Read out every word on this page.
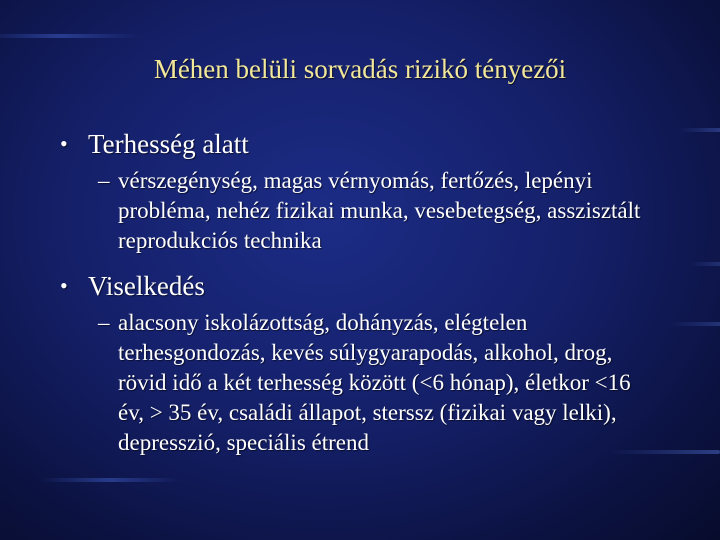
Méhen belüli sorvadás rizikó tényezői
• Terhesség alatt
– vérszegénység, magas vérnyomás, fertőzés, lepényi probléma, nehéz fizikai munka, vesebetegség, asszisztált reprodukciós technika
• Viselkedés
– alacsony iskolázottság, dohányzás, elégtelen terhesgondozás, kevés súlygyarapodás, alkohol, drog, rövid idő a két terhesség között (<6 hónap), életkor <16 év, > 35 év, családi állapot, sterssz (fizikai vagy lelki), depresszió, speciális étrend
